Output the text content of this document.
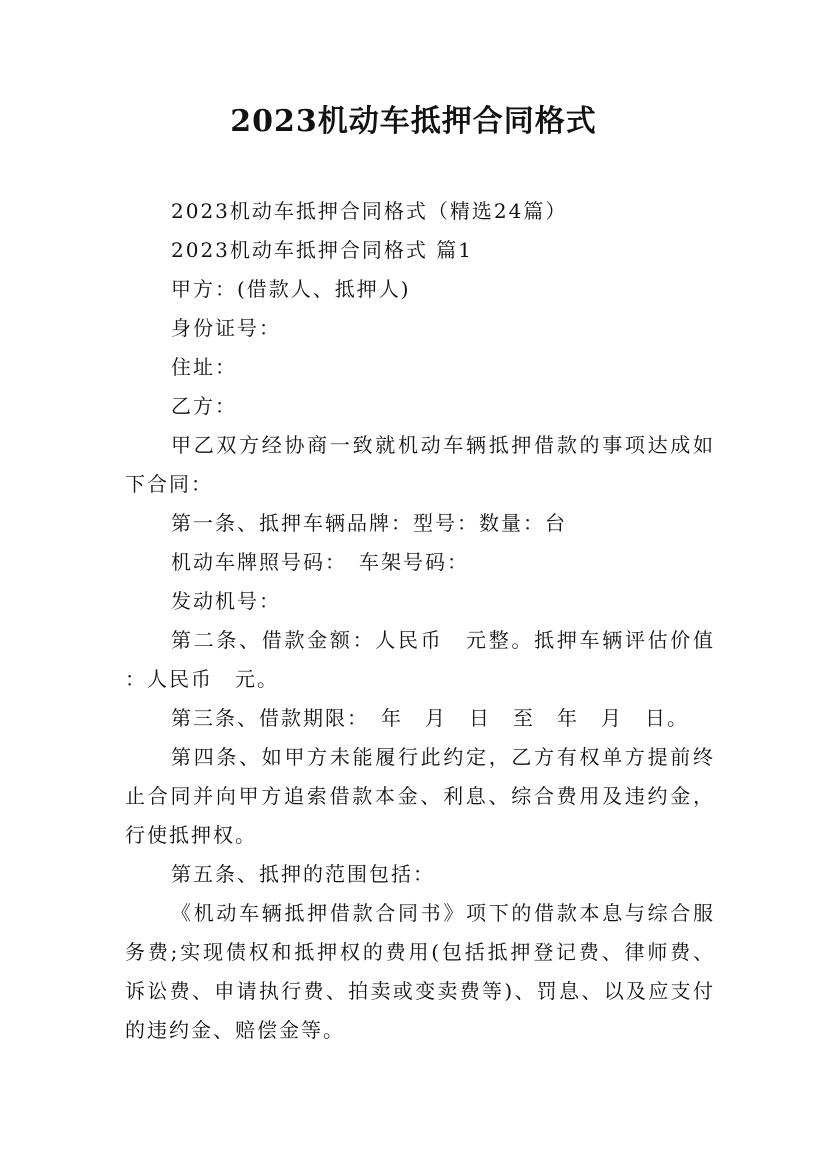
2023机动车抵押合同格式

2023机动车抵押合同格式（精选24篇）

2023机动车抵押合同格式 篇1

甲方：(借款人、抵押人)

身份证号：

住址：

乙方：

甲乙双方经协商一致就机动车辆抵押借款的事项达成如下合同：

第一条、抵押车辆品牌：型号：数量：台

机动车牌照号码：　车架号码：

发动机号：

第二条、借款金额：人民币　元整。抵押车辆评估价值：人民币　元。

第三条、借款期限：　年　月　日　至　年　月　日。

第四条、如甲方未能履行此约定，乙方有权单方提前终止合同并向甲方追索借款本金、利息、综合费用及违约金，行使抵押权。

第五条、抵押的范围包括：

《机动车辆抵押借款合同书》项下的借款本息与综合服务费;实现债权和抵押权的费用(包括抵押登记费、律师费、诉讼费、申请执行费、拍卖或变卖费等)、罚息、以及应支付的违约金、赔偿金等。
